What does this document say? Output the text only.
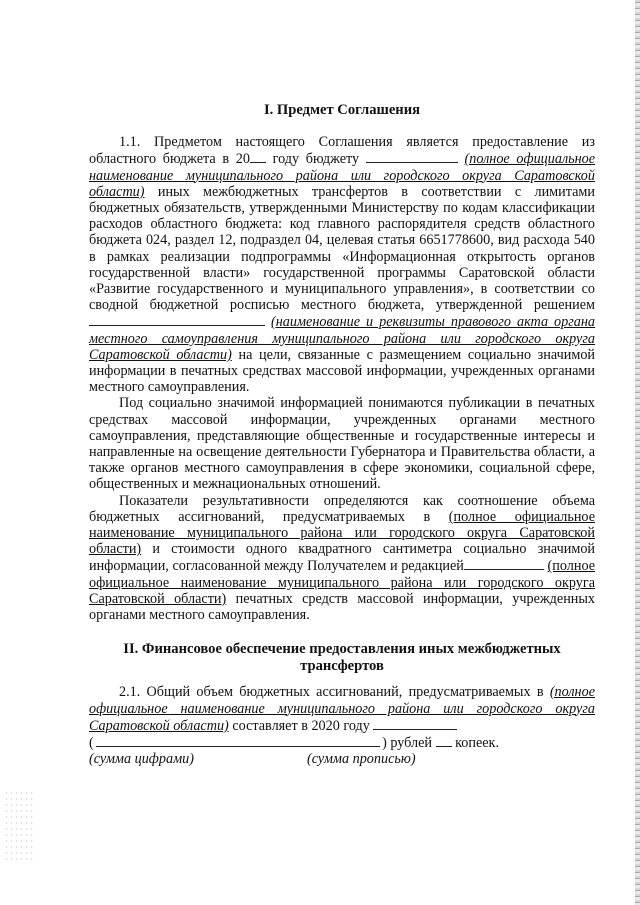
I. Предмет Соглашения

1.1. Предметом настоящего Соглашения является предоставление из областного бюджета в 20 году бюджету	(полное официальное наименование муниципального района или городского округа Саратовской области) иных межбюджетных трансфертов в соответствии с лимитами бюджетных обязательств, утвержденными Министерству по кодам классификации расходов областного бюджета: код главного распорядителя средств областного бюджета 024, раздел 12, подраздел 04, целевая статья 6651778600, вид расхода 540 в рамках реализации подпрограммы «Информационная открытость органов государственной власти» государственной программы Саратовской области «Развитие государственного и муниципального управления», в соответствии со сводной бюджетной росписью местного бюджета, утвержденной решением (наименование и реквизиты правового акта органа местного самоуправления муниципального района или городского округа Саратовской области) на цели, связанные с размещением социально значимой информации в печатных средствах массовой информации, учрежденных органами местного самоуправления.

Под социально значимой информацией понимаются публикации в печатных средствах массовой информации, учрежденных органами местного самоуправления, представляющие общественные и государственные интересы и направленные на освещение деятельности Губернатора и Правительства области, а также органов местного самоуправления в сфере экономики, социальной сфере, общественных и межнациональных отношений.

Показатели результативности определяются как соотношение объема бюджетных ассигнований, предусматриваемых в (полное официальное наименование муниципального района или городского округа Саратовской области) и стоимости одного квадратного сантиметра социально значимой информации, согласованной между Получателем и редакцией	(полное официальное наименование муниципального района или городского округа Саратовской области) печатных средств массовой информации, учрежденных органами местного самоуправления.

II. Финансовое обеспечение предоставления иных межбюджетных трансфертов

2.1. Общий объем бюджетных ассигнований, предусматриваемых в (полное официальное наименование муниципального района или городского округа Саратовской области) составляет в 2020 году

(	) рублей

копеек.
(сумма цифрами)	(сумма прописью)
